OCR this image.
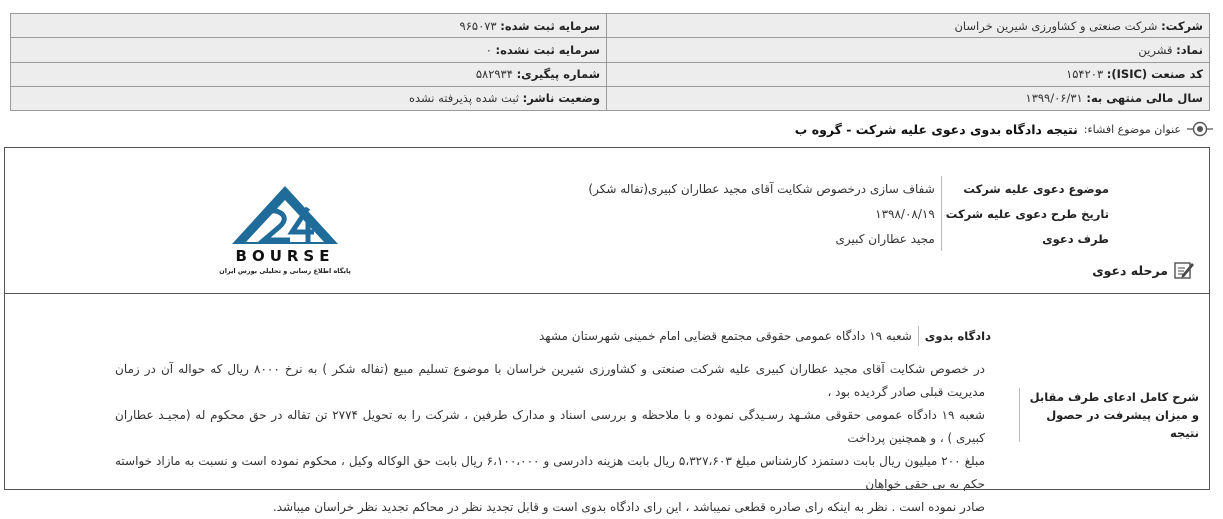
شرکت: شرکت صنعتی و کشاورزی شیرین خراسان	سرمایه ثبت شده: ۹۶۵۰۷۳
نماد: قشرین	سرمایه ثبت نشده: ۰
کد صنعت (ISIC): ۱۵۴۲۰۳	شماره پیگیری: ۵۸۲۹۳۴
سال مالی منتهی به: ۱۳۹۹/۰۶/۳۱	وضعیت ناشر: ثبت شده پذیرفته نشده
عنوان موضوع افشاء:
نتیجه دادگاه بدوی دعوی علیه شرکت - گروه ب
موضوع دعوی علیه شرکت	شفاف سازی درخصوص شکایت آقای مجید عطاران کبیری(تفاله شکر)
تاریخ طرح دعوی علیه شرکت	۱۳۹۸/۰۸/۱۹
طرف دعوی	مجید عطاران کبیری
مرحله دعوی
BOURSE
پایگاه اطلاع رسانی و تحلیلی بورس ایران
دادگاه بدوی
شعبه ۱۹ دادگاه عمومی حقوقی مجتمع قضایی امام خمینی شهرستان مشهد
شرح کامل ادعای طرف مقابل و میزان پیشرفت در حصول نتیجه
در خصوص شکایت آقای مجید عطاران کبیری علیه شرکت صنعتی و کشاورزی شیرین خراسان با موضوع تسلیم مبیع (تفاله شکر ) به نرخ ۸۰۰۰ ریال که حواله آن در زمان مدیریت قبلی صادر گردیده بود ،
شعبه ۱۹ دادگاه عمومی حقوقی مشـهد رسـیدگی نموده و با ملاحظه و بررسی اسناد و مدارک طرفین ، شرکت را به تحویل ۲۷۷۴ تن تفاله در حق محکوم له (مجیـد عطاران کبیری ) ، و همچنین پرداخت
مبلغ ۲۰۰ میلیون ریال بابت دستمزد کارشناس مبلغ ۵،۳۲۷،۶۰۳ ریال بابت هزینه دادرسی و ۶،۱۰۰،۰۰۰ ریال بابت حق الوکاله وکیل ، محکوم نموده است و نسبت به مازاد خواسته حکم به بی حقی خواهان
صادر نموده است . نظر به اینکه رای صادره قطعی نمیباشد ، این رای دادگاه بدوی است و قابل تجدید نظر در محاکم تجدید نظر خراسان میباشد.
